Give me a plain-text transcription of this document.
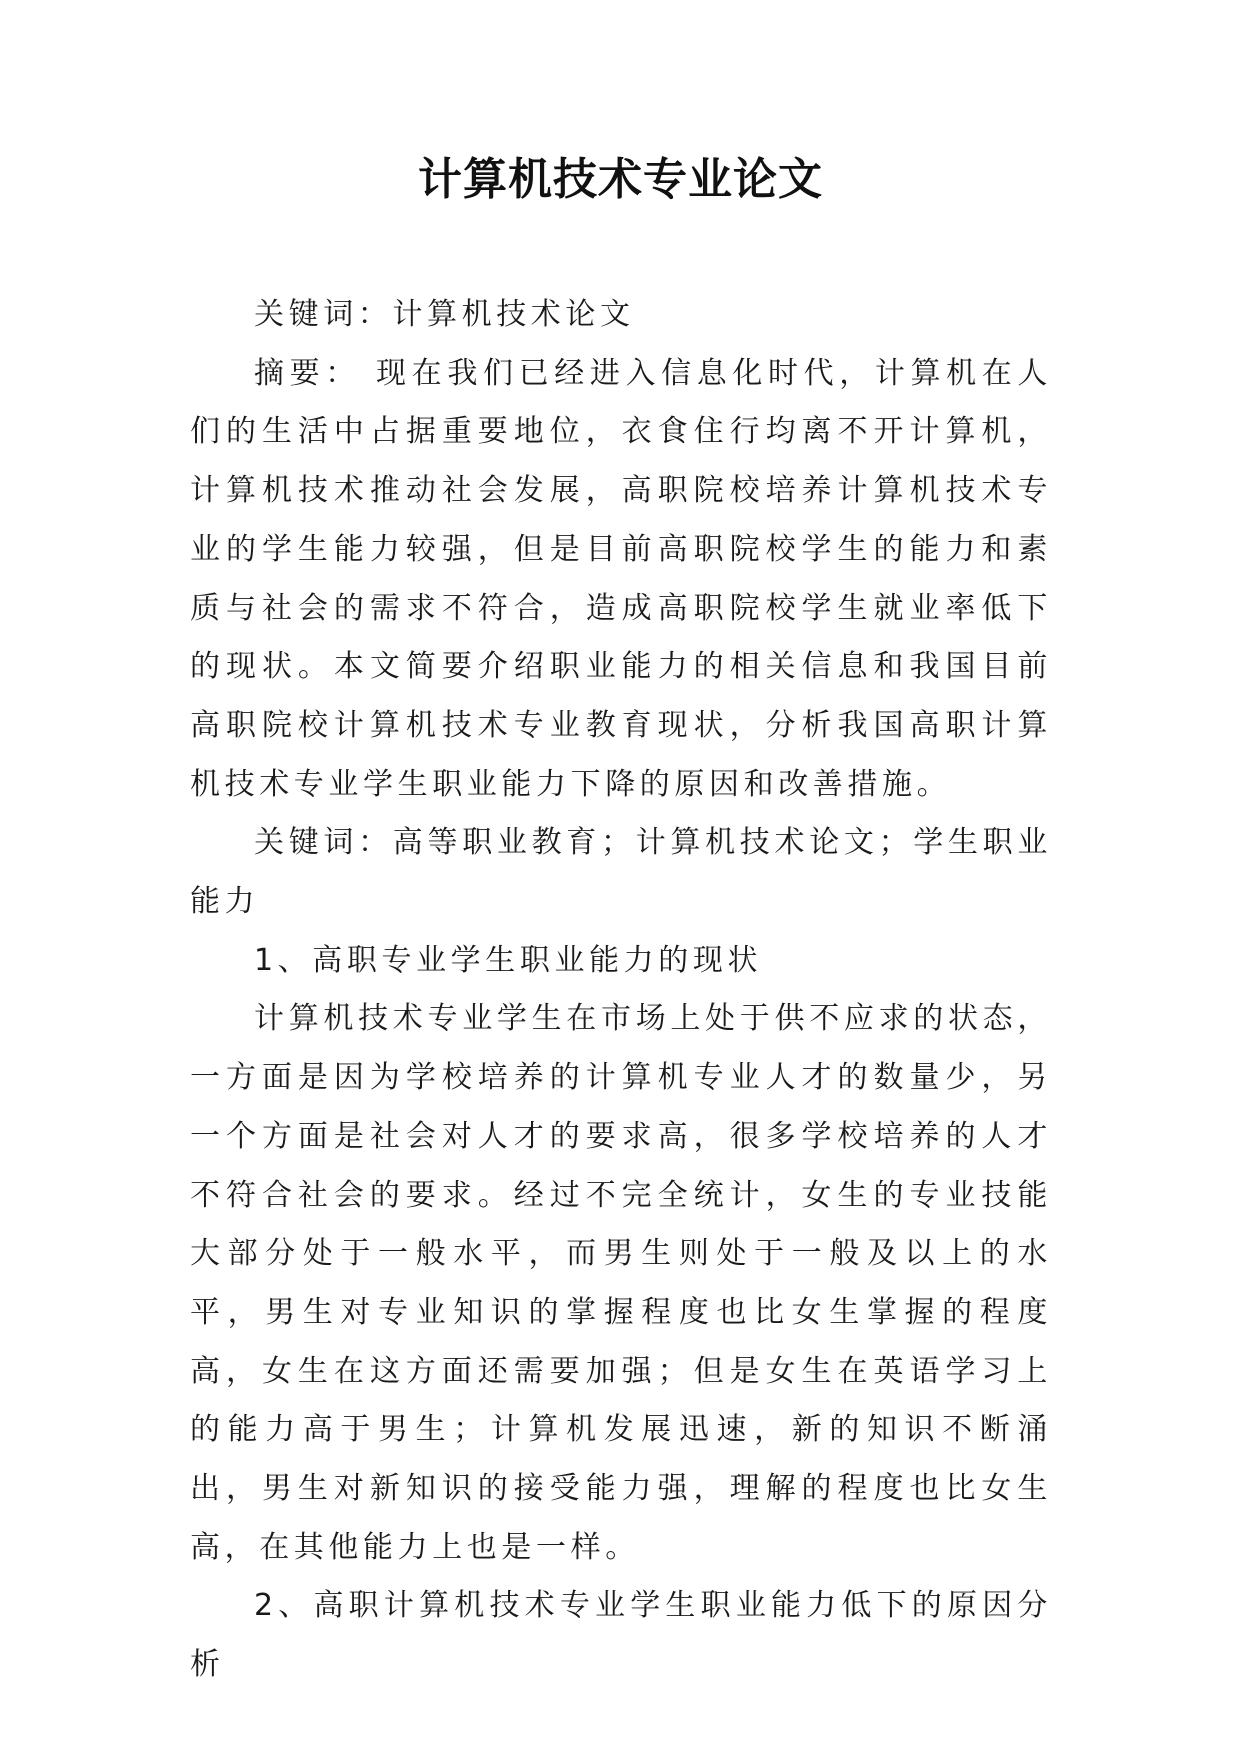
计算机技术专业论文

关键词：计算机技术论文

摘要： 现在我们已经进入信息化时代，计算机在人们的生活中占据重要地位，衣食住行均离不开计算机，计算机技术推动社会发展，高职院校培养计算机技术专业的学生能力较强，但是目前高职院校学生的能力和素质与社会的需求不符合，造成高职院校学生就业率低下的现状。本文简要介绍职业能力的相关信息和我国目前高职院校计算机技术专业教育现状，分析我国高职计算机技术专业学生职业能力下降的原因和改善措施。

关键词：高等职业教育；计算机技术论文；学生职业能力

1、高职专业学生职业能力的现状

计算机技术专业学生在市场上处于供不应求的状态，一方面是因为学校培养的计算机专业人才的数量少，另一个方面是社会对人才的要求高，很多学校培养的人才不符合社会的要求。经过不完全统计，女生的专业技能大部分处于一般水平，而男生则处于一般及以上的水平，男生对专业知识的掌握程度也比女生掌握的程度高，女生在这方面还需要加强；但是女生在英语学习上的能力高于男生；计算机发展迅速，新的知识不断涌出，男生对新知识的接受能力强，理解的程度也比女生高，在其他能力上也是一样。

2、高职计算机技术专业学生职业能力低下的原因分析
